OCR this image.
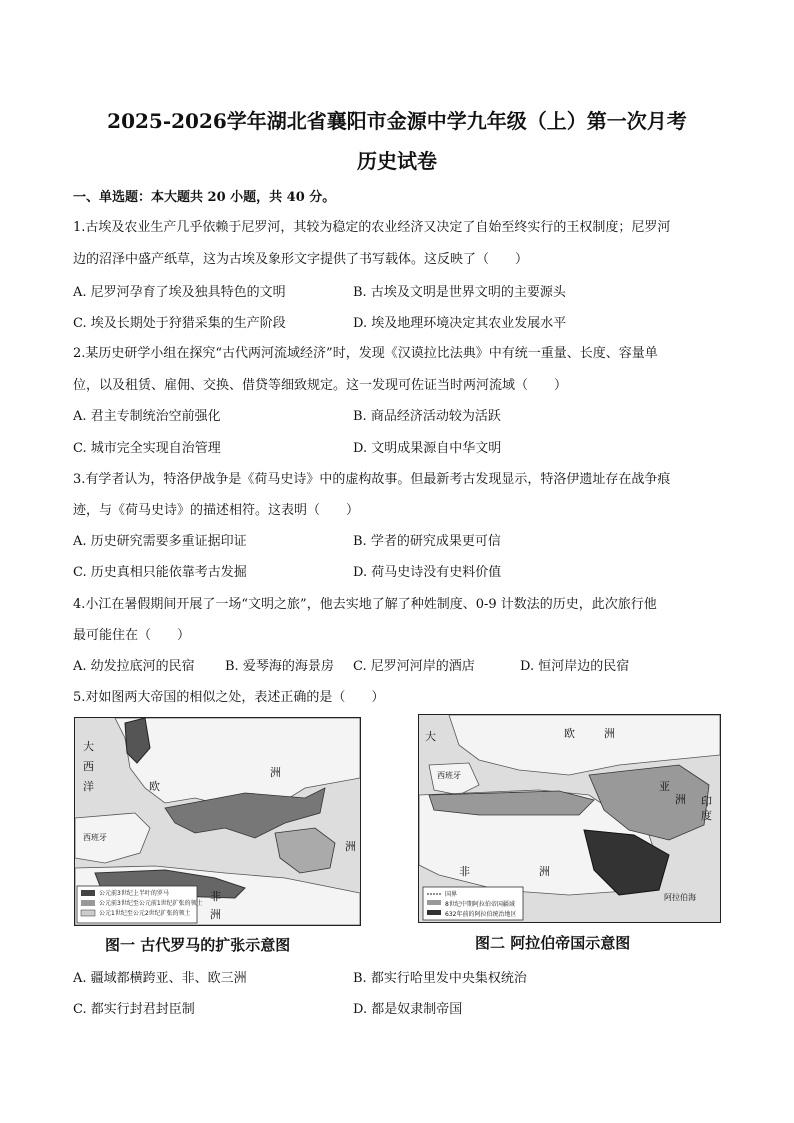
2025-2026学年湖北省襄阳市金源中学九年级（上）第一次月考
历史试卷
一、单选题：本大题共 20 小题，共 40 分。
1.古埃及农业生产几乎依赖于尼罗河，其较为稳定的农业经济又决定了自始至终实行的王权制度；尼罗河
边的沼泽中盛产纸草，这为古埃及象形文字提供了书写载体。这反映了（　　）
A. 尼罗河孕育了埃及独具特色的文明	B. 古埃及文明是世界文明的主要源头
C. 埃及长期处于狩猎采集的生产阶段	D. 埃及地理环境决定其农业发展水平
2.某历史研学小组在探究“古代两河流域经济”时，发现《汉谟拉比法典》中有统一重量、长度、容量单
位，以及租赁、雇佣、交换、借贷等细致规定。这一发现可佐证当时两河流域（　　）
A. 君主专制统治空前强化	B. 商品经济活动较为活跃
C. 城市完全实现自治管理	D. 文明成果源自中华文明
3.有学者认为，特洛伊战争是《荷马史诗》中的虚构故事。但最新考古发现显示，特洛伊遗址存在战争痕
迹，与《荷马史诗》的描述相符。这表明（　　）
A. 历史研究需要多重证据印证	B. 学者的研究成果更可信
C. 历史真相只能依靠考古发掘	D. 荷马史诗没有史料价值
4.小江在暑假期间开展了一场“文明之旅”，他去实地了解了种姓制度、0-9 计数法的历史，此次旅行他
最可能住在（　　）
A. 幼发拉底河的民宿 B. 爱琴海的海景房 C. 尼罗河河岸的酒店	D. 恒河岸边的民宿
5.对如图两大帝国的相似之处，表述正确的是（　　）
公元前3世纪上半叶的罗马
公元前3世纪至公元前1世纪扩张的领土
公元1世纪至公元2世纪扩张的领土
大
西
洋	欧
洲
洲
西班牙
非
洲
图一 古代罗马的扩张示意图
国界
8世纪中期阿拉伯帝国疆域
632年前的阿拉伯统治地区
大	欧	洲
西班牙
亚
洲 印
度
非	洲
阿拉伯海
图二 阿拉伯帝国示意图
A. 疆域都横跨亚、非、欧三洲	B. 都实行哈里发中央集权统治
C. 都实行封君封臣制	D. 都是奴隶制帝国
